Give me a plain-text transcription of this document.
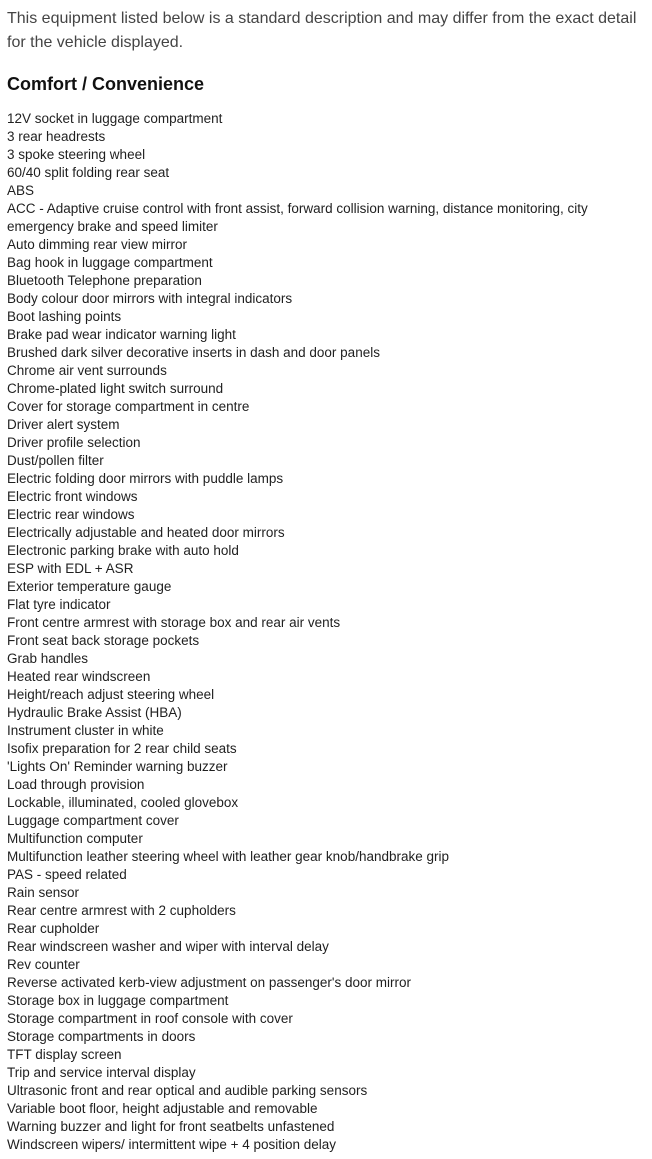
This equipment listed below is a standard description and may differ from the exact detail for the vehicle displayed.

Comfort / Convenience
12V socket in luggage compartment
3 rear headrests
3 spoke steering wheel
60/40 split folding rear seat
ABS
ACC - Adaptive cruise control with front assist, forward collision warning, distance monitoring, city emergency brake and speed limiter
Auto dimming rear view mirror
Bag hook in luggage compartment
Bluetooth Telephone preparation
Body colour door mirrors with integral indicators
Boot lashing points
Brake pad wear indicator warning light
Brushed dark silver decorative inserts in dash and door panels
Chrome air vent surrounds
Chrome-plated light switch surround
Cover for storage compartment in centre
Driver alert system
Driver profile selection
Dust/pollen filter
Electric folding door mirrors with puddle lamps
Electric front windows
Electric rear windows
Electrically adjustable and heated door mirrors
Electronic parking brake with auto hold
ESP with EDL + ASR
Exterior temperature gauge
Flat tyre indicator
Front centre armrest with storage box and rear air vents
Front seat back storage pockets
Grab handles
Heated rear windscreen
Height/reach adjust steering wheel
Hydraulic Brake Assist (HBA)
Instrument cluster in white
Isofix preparation for 2 rear child seats
'Lights On' Reminder warning buzzer
Load through provision
Lockable, illuminated, cooled glovebox
Luggage compartment cover
Multifunction computer
Multifunction leather steering wheel with leather gear knob/handbrake grip
PAS - speed related
Rain sensor
Rear centre armrest with 2 cupholders
Rear cupholder
Rear windscreen washer and wiper with interval delay
Rev counter
Reverse activated kerb-view adjustment on passenger's door mirror
Storage box in luggage compartment
Storage compartment in roof console with cover
Storage compartments in doors
TFT display screen
Trip and service interval display
Ultrasonic front and rear optical and audible parking sensors
Variable boot floor, height adjustable and removable
Warning buzzer and light for front seatbelts unfastened
Windscreen wipers/ intermittent wipe + 4 position delay
